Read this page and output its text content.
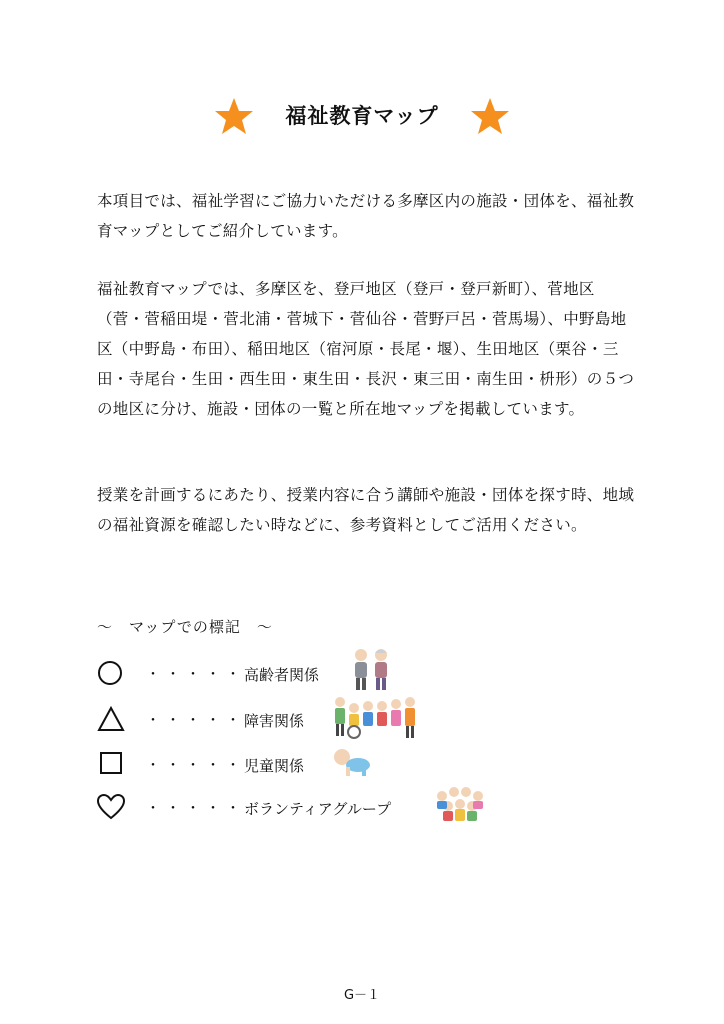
福祉教育マップ
本項目では、福祉学習にご協力いただける多摩区内の施設・団体を、福祉教育マップとしてご紹介しています。
福祉教育マップでは、多摩区を、登戸地区（登戸・登戸新町）、菅地区（菅・菅稲田堤・菅北浦・菅城下・菅仙谷・菅野戸呂・菅馬場）、中野島地区（中野島・布田）、稲田地区（宿河原・長尾・堰）、生田地区（栗谷・三田・寺尾台・生田・西生田・東生田・長沢・東三田・南生田・枡形）の５つの地区に分け、施設・団体の一覧と所在地マップを掲載しています。
授業を計画するにあたり、授業内容に合う講師や施設・団体を探す時、地域の福祉資源を確認したい時などに、参考資料としてご活用ください。
～　マップでの標記　～
・・・・・
高齢者関係
・・・・・
障害関係
・・・・・
児童関係
・・・・・
ボランティアグループ
G－１
